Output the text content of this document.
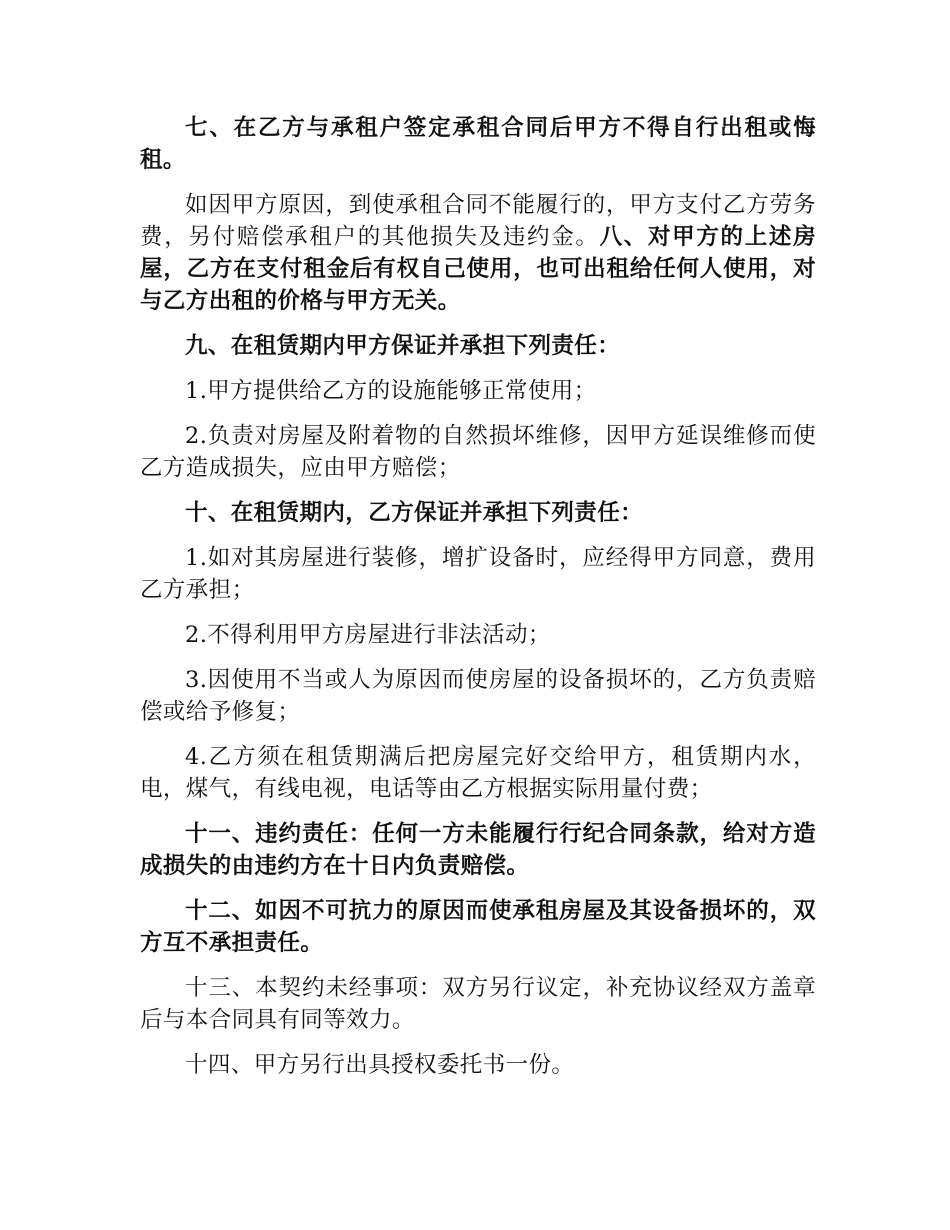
七、在乙方与承租户签定承租合同后甲方不得自行出租或悔租。

如因甲方原因，到使承租合同不能履行的，甲方支付乙方劳务费，另付赔偿承租户的其他损失及违约金。八、对甲方的上述房屋，乙方在支付租金后有权自己使用，也可出租给任何人使用，对与乙方出租的价格与甲方无关。

九、在租赁期内甲方保证并承担下列责任：

1.甲方提供给乙方的设施能够正常使用；

2.负责对房屋及附着物的自然损坏维修，因甲方延误维修而使乙方造成损失，应由甲方赔偿；

十、在租赁期内，乙方保证并承担下列责任：

1.如对其房屋进行装修，增扩设备时，应经得甲方同意，费用乙方承担；

2.不得利用甲方房屋进行非法活动；

3.因使用不当或人为原因而使房屋的设备损坏的，乙方负责赔偿或给予修复；

4.乙方须在租赁期满后把房屋完好交给甲方，租赁期内水，电，煤气，有线电视，电话等由乙方根据实际用量付费；

十一、违约责任：任何一方未能履行行纪合同条款，给对方造成损失的由违约方在十日内负责赔偿。

十二、如因不可抗力的原因而使承租房屋及其设备损坏的，双方互不承担责任。

十三、本契约未经事项：双方另行议定，补充协议经双方盖章后与本合同具有同等效力。

十四、甲方另行出具授权委托书一份。
